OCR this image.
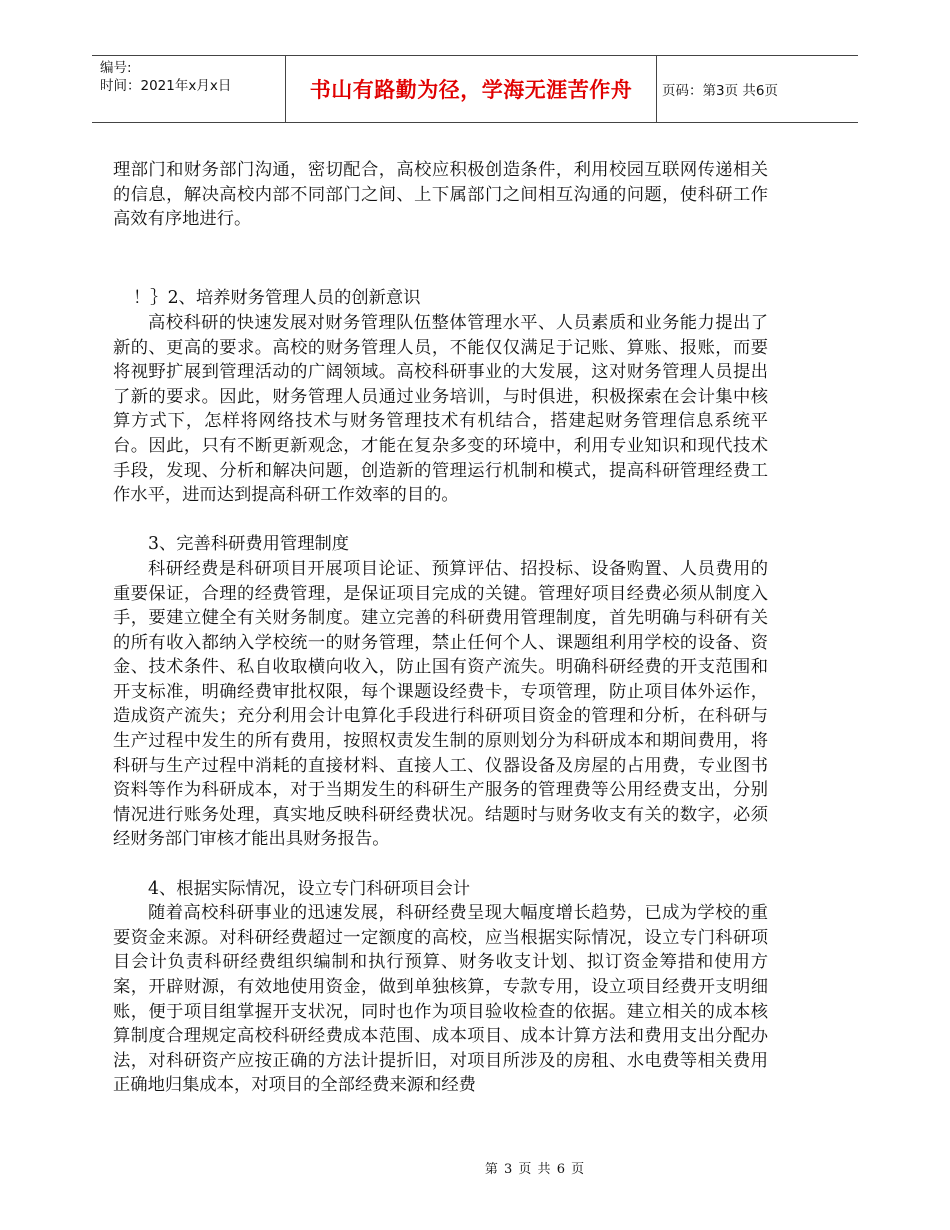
编号:
时间：2021年x月x日	书山有路勤为径，学海无涯苦作舟	页码：第3页 共6页

理部门和财务部门沟通，密切配合，高校应积极创造条件，利用校园互联网传递相关的信息，解决高校内部不同部门之间、上下属部门之间相互沟通的问题，使科研工作高效有序地进行。

！｝2、培养财务管理人员的创新意识

高校科研的快速发展对财务管理队伍整体管理水平、人员素质和业务能力提出了新的、更高的要求。高校的财务管理人员，不能仅仅满足于记账、算账、报账，而要将视野扩展到管理活动的广阔领域。高校科研事业的大发展，这对财务管理人员提出了新的要求。因此，财务管理人员通过业务培训，与时俱进，积极探索在会计集中核算方式下，怎样将网络技术与财务管理技术有机结合，搭建起财务管理信息系统平台。因此，只有不断更新观念，才能在复杂多变的环境中，利用专业知识和现代技术手段，发现、分析和解决问题，创造新的管理运行机制和模式，提高科研管理经费工作水平，进而达到提高科研工作效率的目的。

3、完善科研费用管理制度

科研经费是科研项目开展项目论证、预算评估、招投标、设备购置、人员费用的重要保证，合理的经费管理，是保证项目完成的关键。管理好项目经费必须从制度入手，要建立健全有关财务制度。建立完善的科研费用管理制度，首先明确与科研有关的所有收入都纳入学校统一的财务管理，禁止任何个人、课题组利用学校的设备、资金、技术条件、私自收取横向收入，防止国有资产流失。明确科研经费的开支范围和开支标准，明确经费审批权限，每个课题设经费卡，专项管理，防止项目体外运作，造成资产流失；充分利用会计电算化手段进行科研项目资金的管理和分析，在科研与生产过程中发生的所有费用，按照权责发生制的原则划分为科研成本和期间费用，将科研与生产过程中消耗的直接材料、直接人工、仪器设备及房屋的占用费，专业图书资料等作为科研成本，对于当期发生的科研生产服务的管理费等公用经费支出，分别情况进行账务处理，真实地反映科研经费状况。结题时与财务收支有关的数字，必须经财务部门审核才能出具财务报告。

4、根据实际情况，设立专门科研项目会计

随着高校科研事业的迅速发展，科研经费呈现大幅度增长趋势，已成为学校的重要资金来源。对科研经费超过一定额度的高校，应当根据实际情况，设立专门科研项目会计负责科研经费组织编制和执行预算、财务收支计划、拟订资金筹措和使用方案，开辟财源，有效地使用资金，做到单独核算，专款专用，设立项目经费开支明细账，便于项目组掌握开支状况，同时也作为项目验收检查的依据。建立相关的成本核算制度合理规定高校科研经费成本范围、成本项目、成本计算方法和费用支出分配办法，对科研资产应按正确的方法计提折旧，对项目所涉及的房租、水电费等相关费用正确地归集成本，对项目的全部经费来源和经费

第 3 页 共 6 页
